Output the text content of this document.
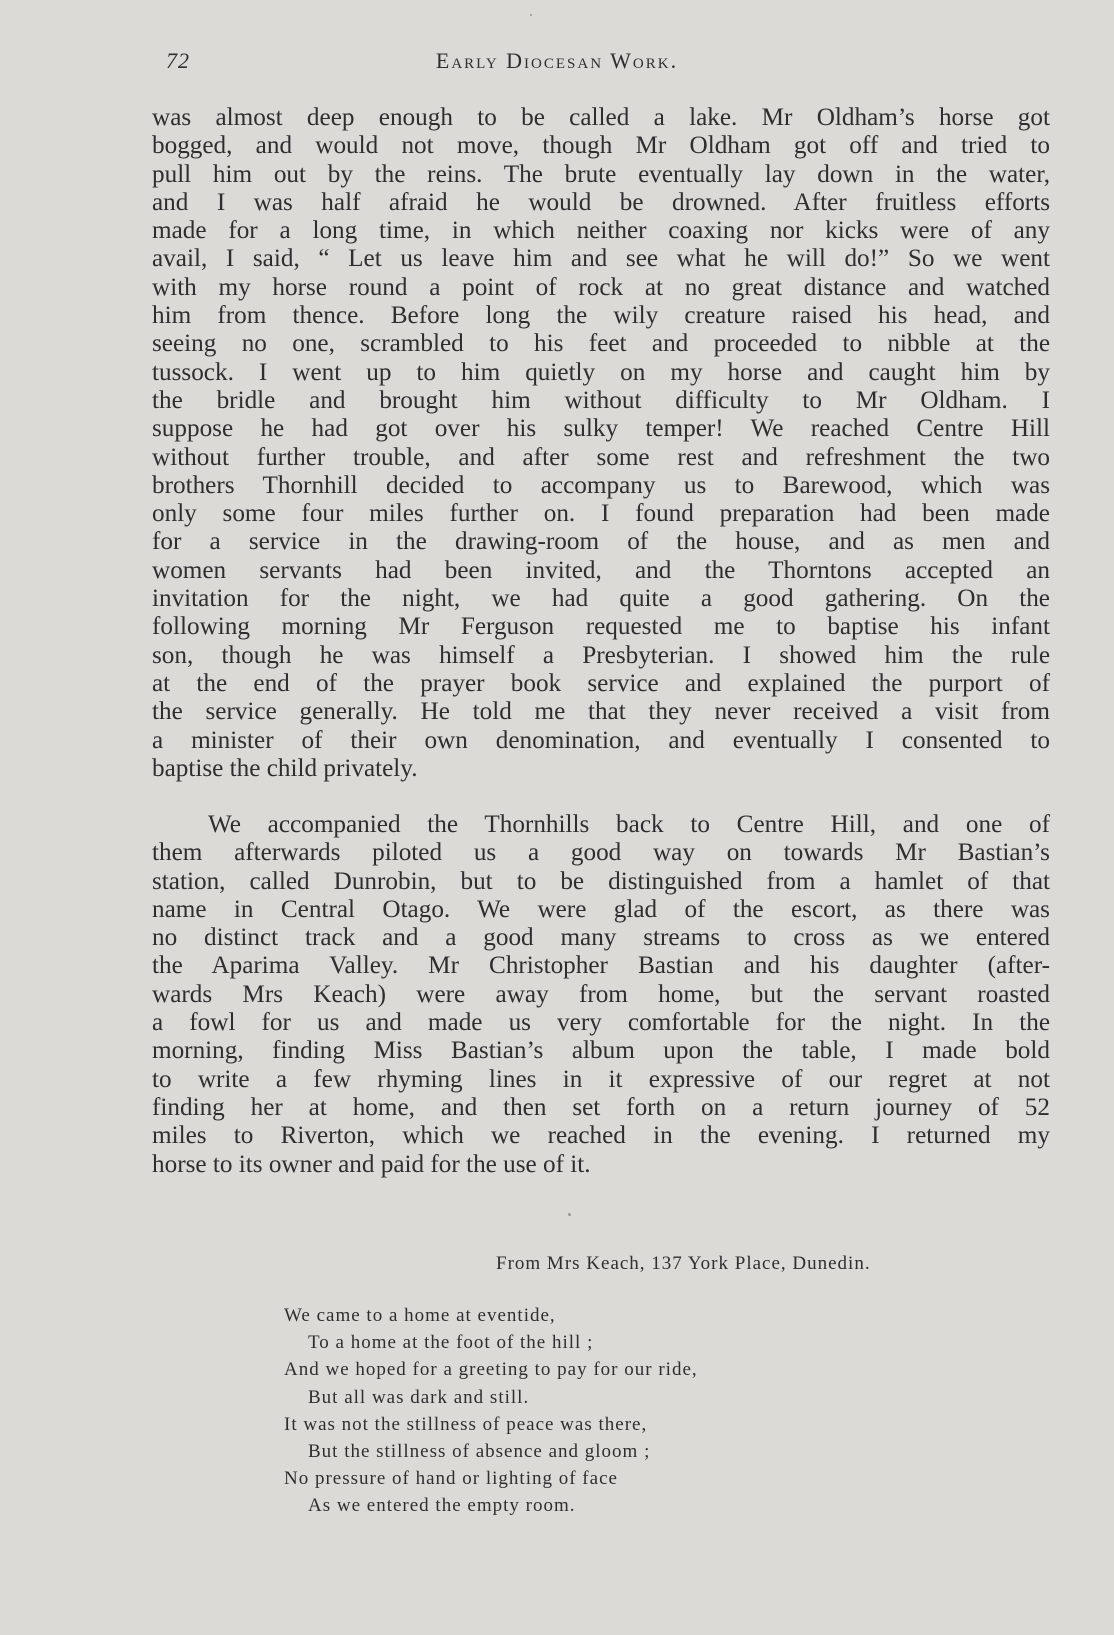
72	Early Diocesan Work.
was almost deep enough to be called a lake. Mr Oldham’s horse got
bogged, and would not move, though Mr Oldham got off and tried to
pull him out by the reins. The brute eventually lay down in the water,
and I was half afraid he would be drowned. After fruitless efforts
made for a long time, in which neither coaxing nor kicks were of any
avail, I said, “ Let us leave him and see what he will do!” So we went
with my horse round a point of rock at no great distance and watched
him from thence. Before long the wily creature raised his head, and
seeing no one, scrambled to his feet and proceeded to nibble at the
tussock. I went up to him quietly on my horse and caught him by
the bridle and brought him without difficulty to Mr Oldham. I
suppose he had got over his sulky temper! We reached Centre Hill
without further trouble, and after some rest and refreshment the two
brothers Thornhill decided to accompany us to Barewood, which was
only some four miles further on. I found preparation had been made
for a service in the drawing-room of the house, and as men and
women servants had been invited, and the Thorntons accepted an
invitation for the night, we had quite a good gathering. On the
following morning Mr Ferguson requested me to baptise his infant
son, though he was himself a Presbyterian. I showed him the rule
at the end of the prayer book service and explained the purport of
the service generally. He told me that they never received a visit from
a minister of their own denomination, and eventually I consented to
baptise the child privately.
We accompanied the Thornhills back to Centre Hill, and one of
them afterwards piloted us a good way on towards Mr Bastian’s
station, called Dunrobin, but to be distinguished from a hamlet of that
name in Central Otago. We were glad of the escort, as there was
no distinct track and a good many streams to cross as we entered
the Aparima Valley. Mr Christopher Bastian and his daughter (after-
wards Mrs Keach) were away from home, but the servant roasted
a fowl for us and made us very comfortable for the night. In the
morning, finding Miss Bastian’s album upon the table, I made bold
to write a few rhyming lines in it expressive of our regret at not
finding her at home, and then set forth on a return journey of 52
miles to Riverton, which we reached in the evening. I returned my
horse to its owner and paid for the use of it.
From Mrs Keach, 137 York Place, Dunedin.
We came to a home at eventide,
To a home at the foot of the hill ;
And we hoped for a greeting to pay for our ride,
But all was dark and still.
It was not the stillness of peace was there,
But the stillness of absence and gloom ;
No pressure of hand or lighting of face
As we entered the empty room.
